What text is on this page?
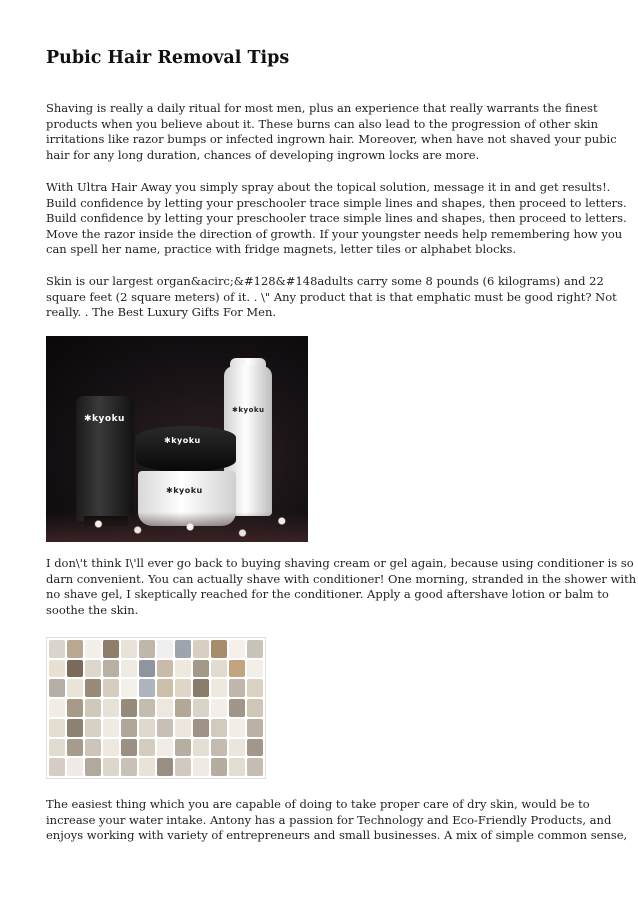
Pubic Hair Removal Tips
Shaving is really a daily ritual for most men, plus an experience that really warrants the finest
products when you believe about it. These burns can also lead to the progression of other skin
irritations like razor bumps or infected ingrown hair. Moreover, when have not shaved your pubic
hair for any long duration, chances of developing ingrown locks are more.
With Ultra Hair Away you simply spray about the topical solution, message it in and get results!.
Build confidence by letting your preschooler trace simple lines and shapes, then proceed to letters.
Build confidence by letting your preschooler trace simple lines and shapes, then proceed to letters.
Move the razor inside the direction of growth. If your youngster needs help remembering how you
can spell her name, practice with fridge magnets, letter tiles or alphabet blocks.
Skin is our largest organ&acirc;&#128&#148adults carry some 8 pounds (6 kilograms) and 22
square feet (2 square meters) of it. . \" Any product that is that emphatic must be good right? Not
really. . The Best Luxury Gifts For Men.
✱kyoku
✱kyoku
✱kyoku
✱kyoku
I don\'t think I\'ll ever go back to buying shaving cream or gel again, because using conditioner is so
darn convenient. You can actually shave with conditioner! One morning, stranded in the shower with
no shave gel, I skeptically reached for the conditioner. Apply a good aftershave lotion or balm to
soothe the skin.
The easiest thing which you are capable of doing to take proper care of dry skin, would be to
increase your water intake. Antony has a passion for Technology and Eco-Friendly Products, and
enjoys working with variety of entrepreneurs and small businesses. A mix of simple common sense,
